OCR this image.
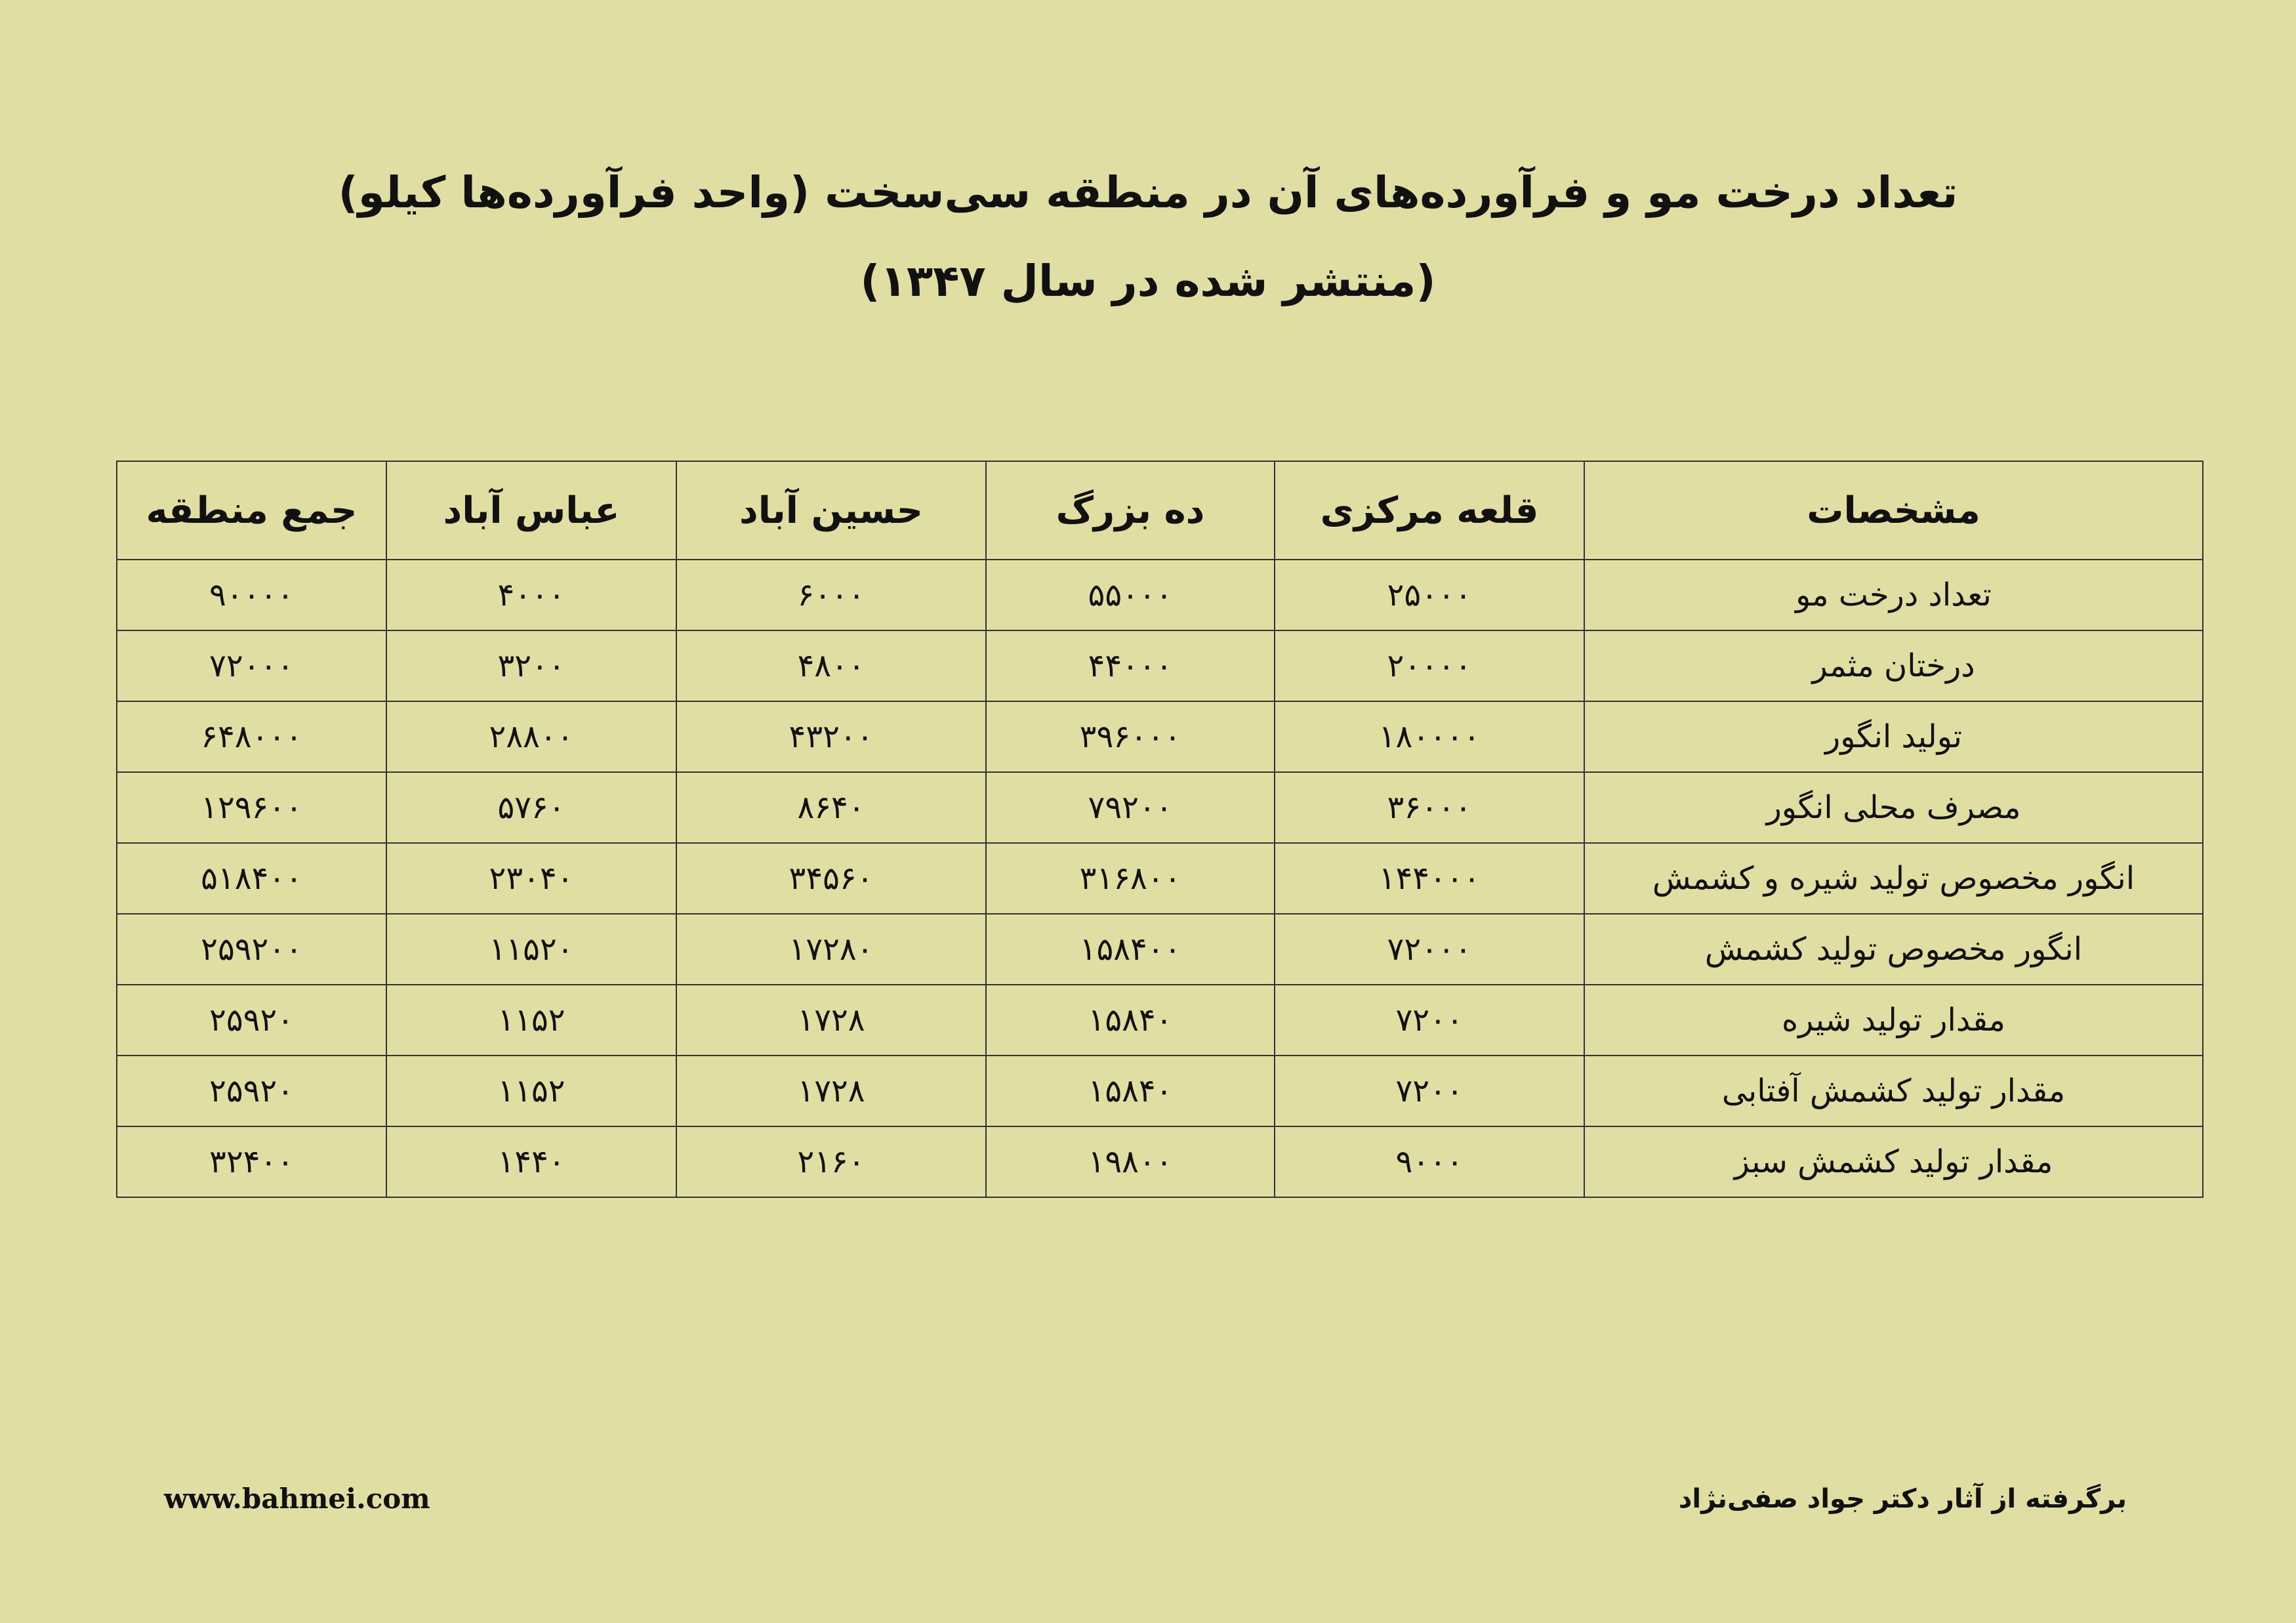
تعداد درخت مو و فرآورده‌های آن در منطقه سی‌سخت (واحد فرآورده‌ها کیلو)
(منتشر شده در سال ۱۳۴۷)
مشخصات	قلعه مرکزی	ده بزرگ	حسین آباد	عباس آباد	جمع منطقه
تعداد درخت مو	۲۵۰۰۰	۵۵۰۰۰	۶۰۰۰	۴۰۰۰	۹۰۰۰۰
درختان مثمر	۲۰۰۰۰	۴۴۰۰۰	۴۸۰۰	۳۲۰۰	۷۲۰۰۰
تولید انگور	۱۸۰۰۰۰	۳۹۶۰۰۰	۴۳۲۰۰	۲۸۸۰۰	۶۴۸۰۰۰
مصرف محلی انگور	۳۶۰۰۰	۷۹۲۰۰	۸۶۴۰	۵۷۶۰	۱۲۹۶۰۰
انگور مخصوص تولید شیره و کشمش	۱۴۴۰۰۰	۳۱۶۸۰۰	۳۴۵۶۰	۲۳۰۴۰	۵۱۸۴۰۰
انگور مخصوص تولید کشمش	۷۲۰۰۰	۱۵۸۴۰۰	۱۷۲۸۰	۱۱۵۲۰	۲۵۹۲۰۰
مقدار تولید شیره	۷۲۰۰	۱۵۸۴۰	۱۷۲۸	۱۱۵۲	۲۵۹۲۰
مقدار تولید کشمش آفتابی	۷۲۰۰	۱۵۸۴۰	۱۷۲۸	۱۱۵۲	۲۵۹۲۰
مقدار تولید کشمش سبز	۹۰۰۰	۱۹۸۰۰	۲۱۶۰	۱۴۴۰	۳۲۴۰۰
www.bahmei.com	برگرفته از آثار دکتر جواد صفی‌نژاد
